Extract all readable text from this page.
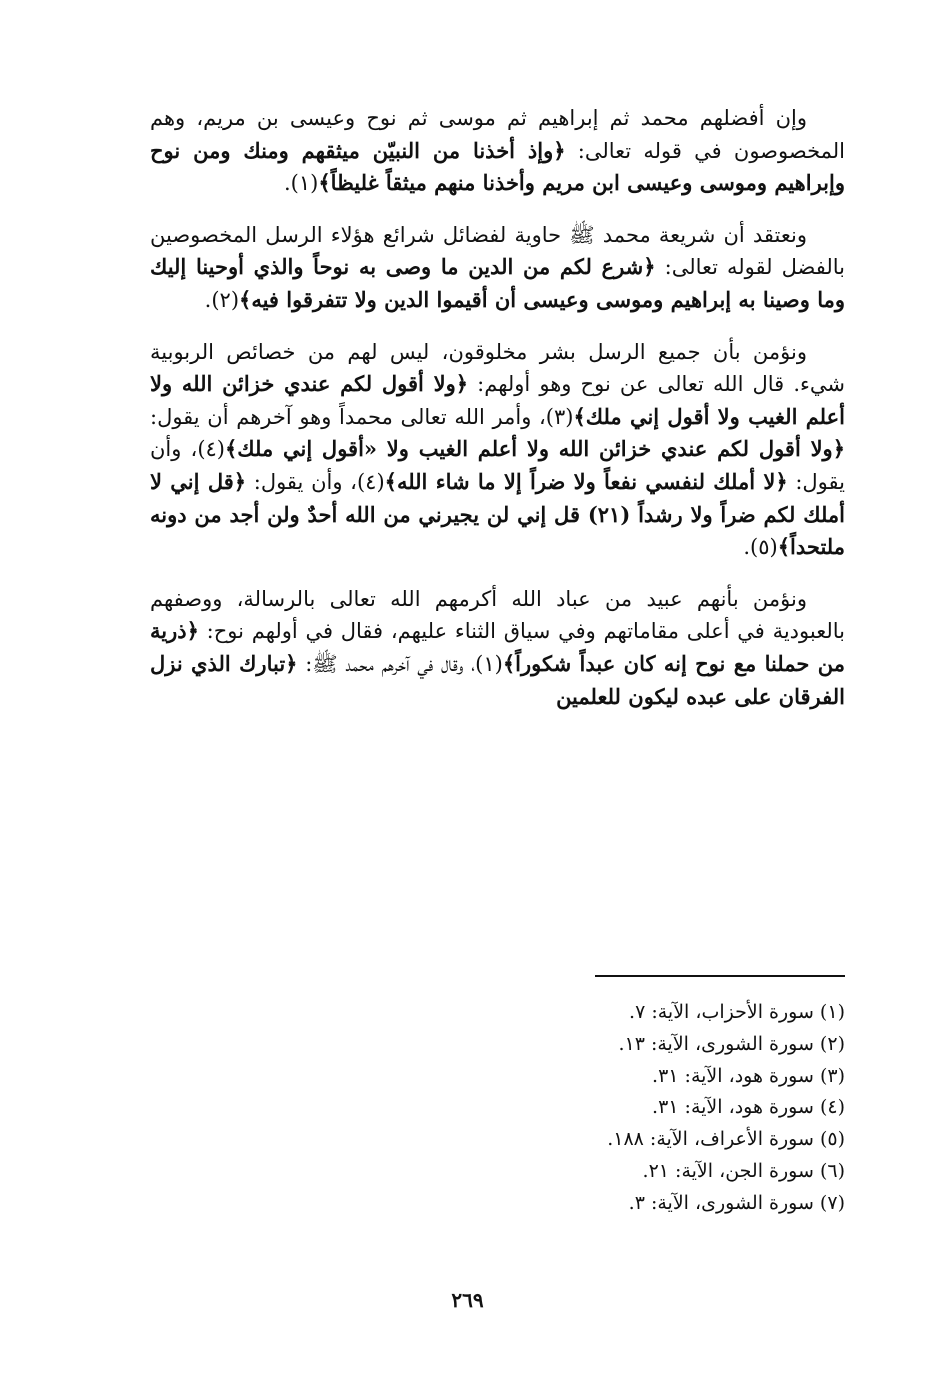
وإن أفضلهم محمد ثم إبراهيم ثم موسى ثم نوح وعيسى بن مريم، وهم المخصوصون في قوله تعالى: ﴿وإذ أخذنا من النبيّن ميثقهم ومنك ومن نوح وإبراهيم وموسى وعيسى ابن مريم وأخذنا منهم ميثقاً غليظاً﴾(١).

ونعتقد أن شريعة محمد ﷺ حاوية لفضائل شرائع هؤلاء الرسل المخصوصين بالفضل لقوله تعالى: ﴿شرع لكم من الدين ما وصى به نوحاً والذي أوحينا إليك وما وصينا به إبراهيم وموسى وعيسى أن أقيموا الدين ولا تتفرقوا فيه﴾(٢).

ونؤمن بأن جميع الرسل بشر مخلوقون، ليس لهم من خصائص الربوبية شيء. قال الله تعالى عن نوح وهو أولهم: ﴿ولا أقول لكم عندي خزائن الله ولا أعلم الغيب ولا أقول إني ملك﴾(٣)، وأمر الله تعالى محمداً وهو آخرهم أن يقول: ﴿ولا أقول لكم عندي خزائن الله ولا أعلم الغيب ولا «أقول إني ملك﴾(٤)، وأن يقول: ﴿لا أملك لنفسي نفعاً ولا ضراً إلا ما شاء الله﴾(٤)، وأن يقول: ﴿قل إني لا أملك لكم ضراً ولا رشداً (٢١) قل إني لن يجيرني من الله أحدٌ ولن أجد من دونه ملتحداً﴾(٥).

ونؤمن بأنهم عبيد من عباد الله أكرمهم الله تعالى بالرسالة، ووصفهم بالعبودية في أعلى مقاماتهم وفي سياق الثناء عليهم، فقال في أولهم نوح: ﴿ذرية من حملنا مع نوح إنه كان عبداً شكوراً﴾(١)، وقال في آخرهم محمد ﷺ: ﴿تبارك الذي نزل الفرقان على عبده ليكون للعلمين

(١) سورة الأحزاب، الآية: ٧.
(٢) سورة الشورى، الآية: ١٣.
(٣) سورة هود، الآية: ٣١.
(٤) سورة هود، الآية: ٣١.
(٥) سورة الأعراف، الآية: ١٨٨.
(٦) سورة الجن، الآية: ٢١.
(٧) سورة الشورى، الآية: ٣.
٢٦٩
